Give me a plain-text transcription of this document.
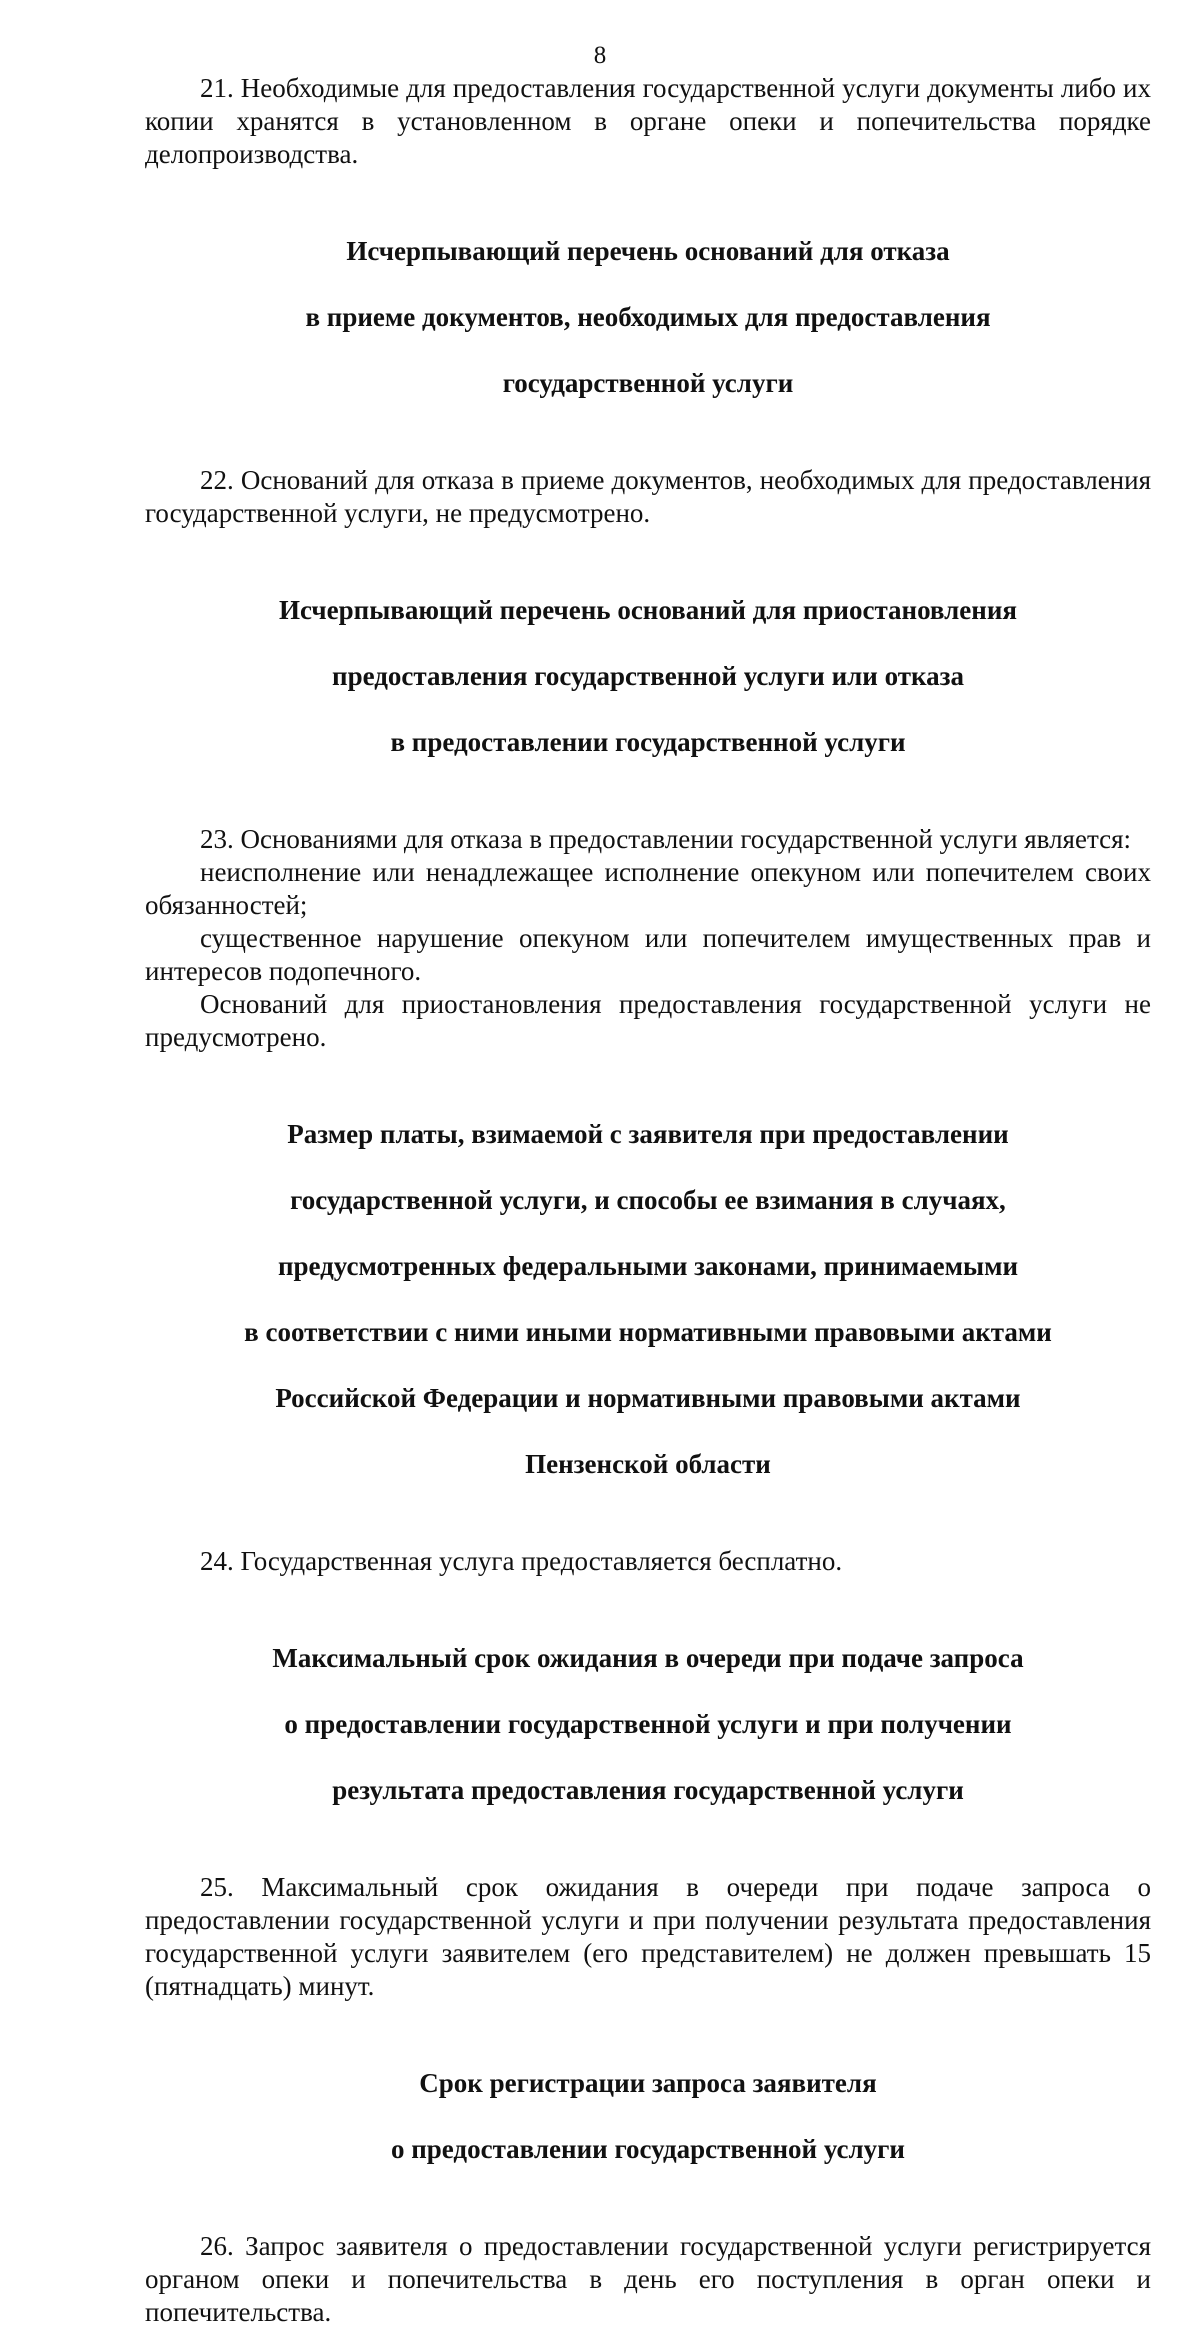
8

21. Необходимые для предоставления государственной услуги документы либо их копии хранятся в установленном в органе опеки и попечительства порядке делопроизводства.

Исчерпывающий перечень оснований для отказа

в приеме документов, необходимых для предоставления

государственной услуги

22. Оснований для отказа в приеме документов, необходимых для предоставления государственной услуги, не предусмотрено.

Исчерпывающий перечень оснований для приостановления

предоставления государственной услуги или отказа

в предоставлении государственной услуги

23. Основаниями для отказа в предоставлении государственной услуги является:

неисполнение или ненадлежащее исполнение опекуном или попечителем своих обязанностей;

существенное нарушение опекуном или попечителем имущественных прав и интересов подопечного.

Оснований для приостановления предоставления государственной услуги не предусмотрено.

Размер платы, взимаемой с заявителя при предоставлении

государственной услуги, и способы ее взимания в случаях,

предусмотренных федеральными законами, принимаемыми

в соответствии с ними иными нормативными правовыми актами

Российской Федерации и нормативными правовыми актами

Пензенской области

24. Государственная услуга предоставляется бесплатно.

Максимальный срок ожидания в очереди при подаче запроса

о предоставлении государственной услуги и при получении

результата предоставления государственной услуги

25. Максимальный срок ожидания в очереди при подаче запроса о предоставлении государственной услуги и при получении результата предоставления государственной услуги заявителем (его представителем) не должен превышать 15 (пятнадцать) минут.

Срок регистрации запроса заявителя

о предоставлении государственной услуги

26. Запрос заявителя о предоставлении государственной услуги регистрируется органом опеки и попечительства в день его поступления в орган опеки и попечительства.
